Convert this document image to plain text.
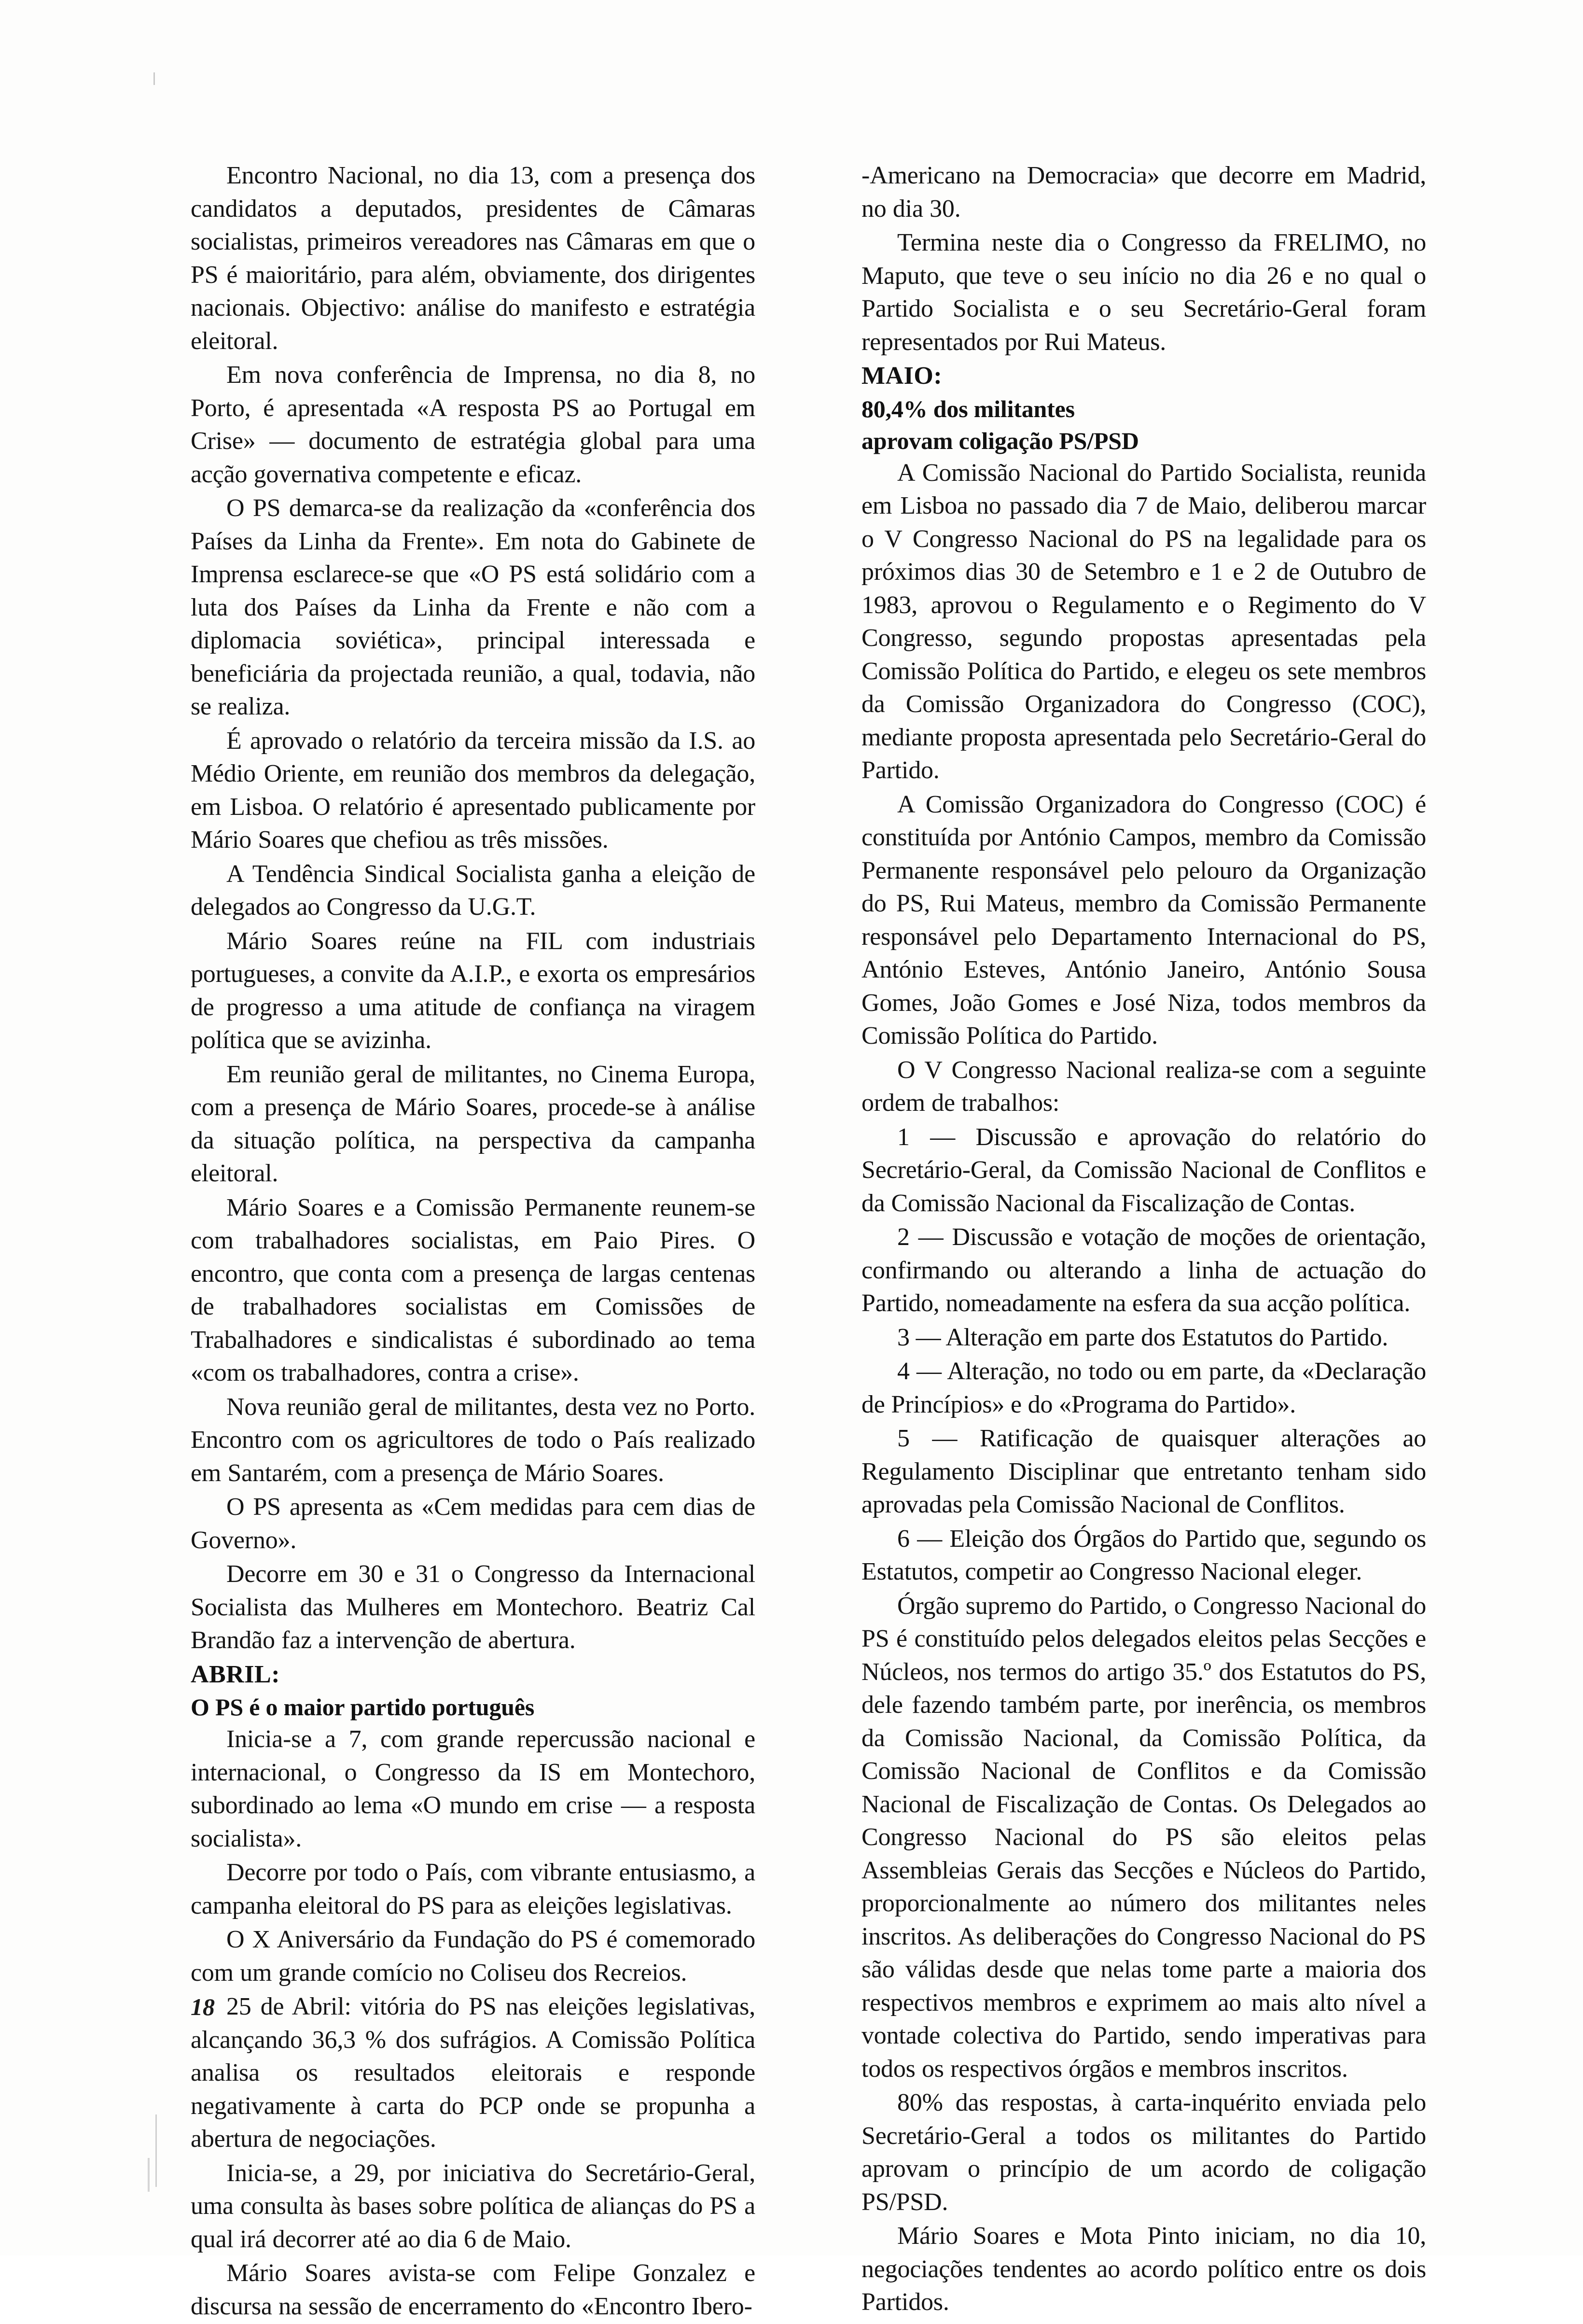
Encontro Nacional, no dia 13, com a presença dos candidatos a deputados, presidentes de Câmaras socialistas, primeiros vereadores nas Câmaras em que o PS é maioritário, para além, obviamente, dos dirigentes nacionais. Objectivo: análise do manifesto e estratégia eleitoral.

Em nova conferência de Imprensa, no dia 8, no Porto, é apresentada «A resposta PS ao Portugal em Crise» — documento de estratégia global para uma acção governativa competente e eficaz.

O PS demarca-se da realização da «conferência dos Países da Linha da Frente». Em nota do Gabinete de Imprensa esclarece-se que «O PS está solidário com a luta dos Países da Linha da Frente e não com a diplomacia soviética», principal interessada e beneficiária da projectada reunião, a qual, todavia, não se realiza.

É aprovado o relatório da terceira missão da I.S. ao Médio Oriente, em reunião dos membros da delegação, em Lisboa. O relatório é apresentado publicamente por Mário Soares que chefiou as três missões.

A Tendência Sindical Socialista ganha a eleição de delegados ao Congresso da U.G.T.

Mário Soares reúne na FIL com industriais portugueses, a convite da A.I.P., e exorta os empresários de progresso a uma atitude de confiança na viragem política que se avizinha.

Em reunião geral de militantes, no Cinema Europa, com a presença de Mário Soares, procede-se à análise da situação política, na perspectiva da campanha eleitoral.

Mário Soares e a Comissão Permanente reunem-se com trabalhadores socialistas, em Paio Pires. O encontro, que conta com a presença de largas centenas de trabalhadores socialistas em Comissões de Trabalhadores e sindicalistas é subordinado ao tema «com os trabalhadores, contra a crise».

Nova reunião geral de militantes, desta vez no Porto. Encontro com os agricultores de todo o País realizado em Santarém, com a presença de Mário Soares.

O PS apresenta as «Cem medidas para cem dias de Governo».

Decorre em 30 e 31 o Congresso da Internacional Socialista das Mulheres em Montechoro. Beatriz Cal Brandão faz a intervenção de abertura.

ABRIL:
O PS é o maior partido português

Inicia-se a 7, com grande repercussão nacional e internacional, o Congresso da IS em Montechoro, subordinado ao lema «O mundo em crise — a resposta socialista».

Decorre por todo o País, com vibrante entusiasmo, a campanha eleitoral do PS para as eleições legislativas.

O X Aniversário da Fundação do PS é comemorado com um grande comício no Coliseu dos Recreios.

25 de Abril: vitória do PS nas eleições legislativas, alcançando 36,3 % dos sufrágios. A Comissão Política analisa os resultados eleitorais e responde negativamente à carta do PCP onde se propunha a abertura de negociações.

Inicia-se, a 29, por iniciativa do Secretário-Geral, uma consulta às bases sobre política de alianças do PS a qual irá decorrer até ao dia 6 de Maio.

Mário Soares avista-se com Felipe Gonzalez e discursa na sessão de encerramento do «Encontro Ibero-

-Americano na Democracia» que decorre em Madrid, no dia 30.

Termina neste dia o Congresso da FRELIMO, no Maputo, que teve o seu início no dia 26 e no qual o Partido Socialista e o seu Secretário-Geral foram representados por Rui Mateus.

MAIO:
80,4% dos militantes
aprovam coligação PS/PSD

A Comissão Nacional do Partido Socialista, reunida em Lisboa no passado dia 7 de Maio, deliberou marcar o V Congresso Nacional do PS na legalidade para os próximos dias 30 de Setembro e 1 e 2 de Outubro de 1983, aprovou o Regulamento e o Regimento do V Congresso, segundo propostas apresentadas pela Comissão Política do Partido, e elegeu os sete membros da Comissão Organizadora do Congresso (COC), mediante proposta apresentada pelo Secretário-Geral do Partido.

A Comissão Organizadora do Congresso (COC) é constituída por António Campos, membro da Comissão Permanente responsável pelo pelouro da Organização do PS, Rui Mateus, membro da Comissão Permanente responsável pelo Departamento Internacional do PS, António Esteves, António Janeiro, António Sousa Gomes, João Gomes e José Niza, todos membros da Comissão Política do Partido.

O V Congresso Nacional realiza-se com a seguinte ordem de trabalhos:

1 — Discussão e aprovação do relatório do Secretário-Geral, da Comissão Nacional de Conflitos e da Comissão Nacional da Fiscalização de Contas.

2 — Discussão e votação de moções de orientação, confirmando ou alterando a linha de actuação do Partido, nomeadamente na esfera da sua acção política.

3 — Alteração em parte dos Estatutos do Partido.

4 — Alteração, no todo ou em parte, da «Declaração de Princípios» e do «Programa do Partido».

5 — Ratificação de quaisquer alterações ao Regulamento Disciplinar que entretanto tenham sido aprovadas pela Comissão Nacional de Conflitos.

6 — Eleição dos Órgãos do Partido que, segundo os Estatutos, competir ao Congresso Nacional eleger.

Órgão supremo do Partido, o Congresso Nacional do PS é constituído pelos delegados eleitos pelas Secções e Núcleos, nos termos do artigo 35.º dos Estatutos do PS, dele fazendo também parte, por inerência, os membros da Comissão Nacional, da Comissão Política, da Comissão Nacional de Conflitos e da Comissão Nacional de Fiscalização de Contas. Os Delegados ao Congresso Nacional do PS são eleitos pelas Assembleias Gerais das Secções e Núcleos do Partido, proporcionalmente ao número dos militantes neles inscritos. As deliberações do Congresso Nacional do PS são válidas desde que nelas tome parte a maioria dos respectivos membros e exprimem ao mais alto nível a vontade colectiva do Partido, sendo imperativas para todos os respectivos órgãos e membros inscritos.

80% das respostas, à carta-inquérito enviada pelo Secretário-Geral a todos os militantes do Partido aprovam o princípio de um acordo de coligação PS/PSD.

Mário Soares e Mota Pinto iniciam, no dia 10, negociações tendentes ao acordo político entre os dois Partidos.

18
